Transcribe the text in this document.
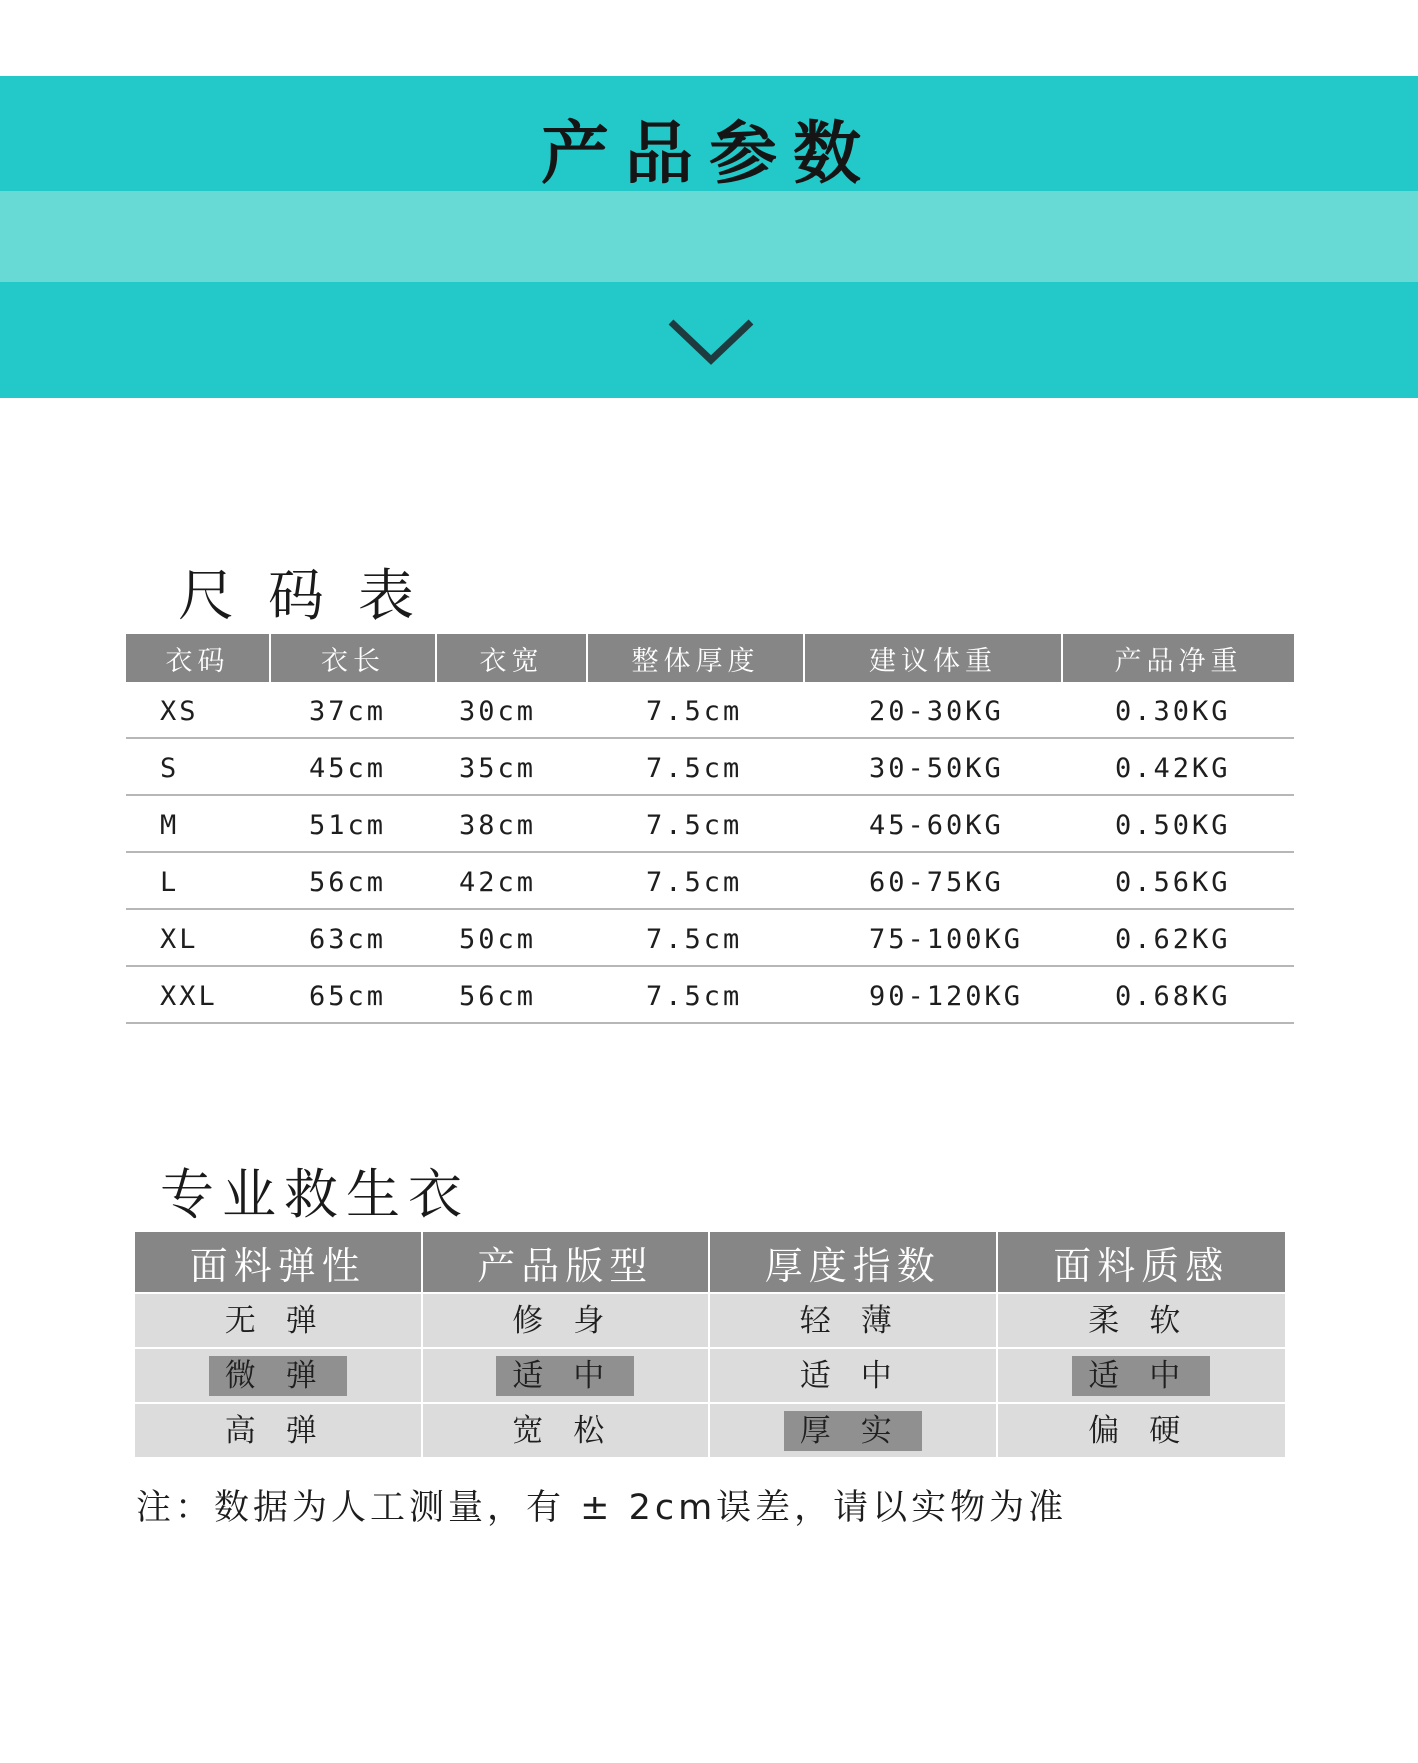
产品参数
尺码表
衣码	衣长	衣宽	整体厚度	建议体重	产品净重
XS	37cm	30cm	7.5cm	20-30KG	0.30KG
S	45cm	35cm	7.5cm	30-50KG	0.42KG
M	51cm	38cm	7.5cm	45-60KG	0.50KG
L	56cm	42cm	7.5cm	60-75KG	0.56KG
XL	63cm	50cm	7.5cm	75-100KG	0.62KG
XXL	65cm	56cm	7.5cm	90-120KG	0.68KG
专业救生衣
面料弹性	产品版型	厚度指数	面料质感
无弹	修身	轻薄	柔软
微弹	适中	适中	适中
高弹	宽松	厚实	偏硬
注：数据为人工测量，有 ± 2cm误差，请以实物为准
